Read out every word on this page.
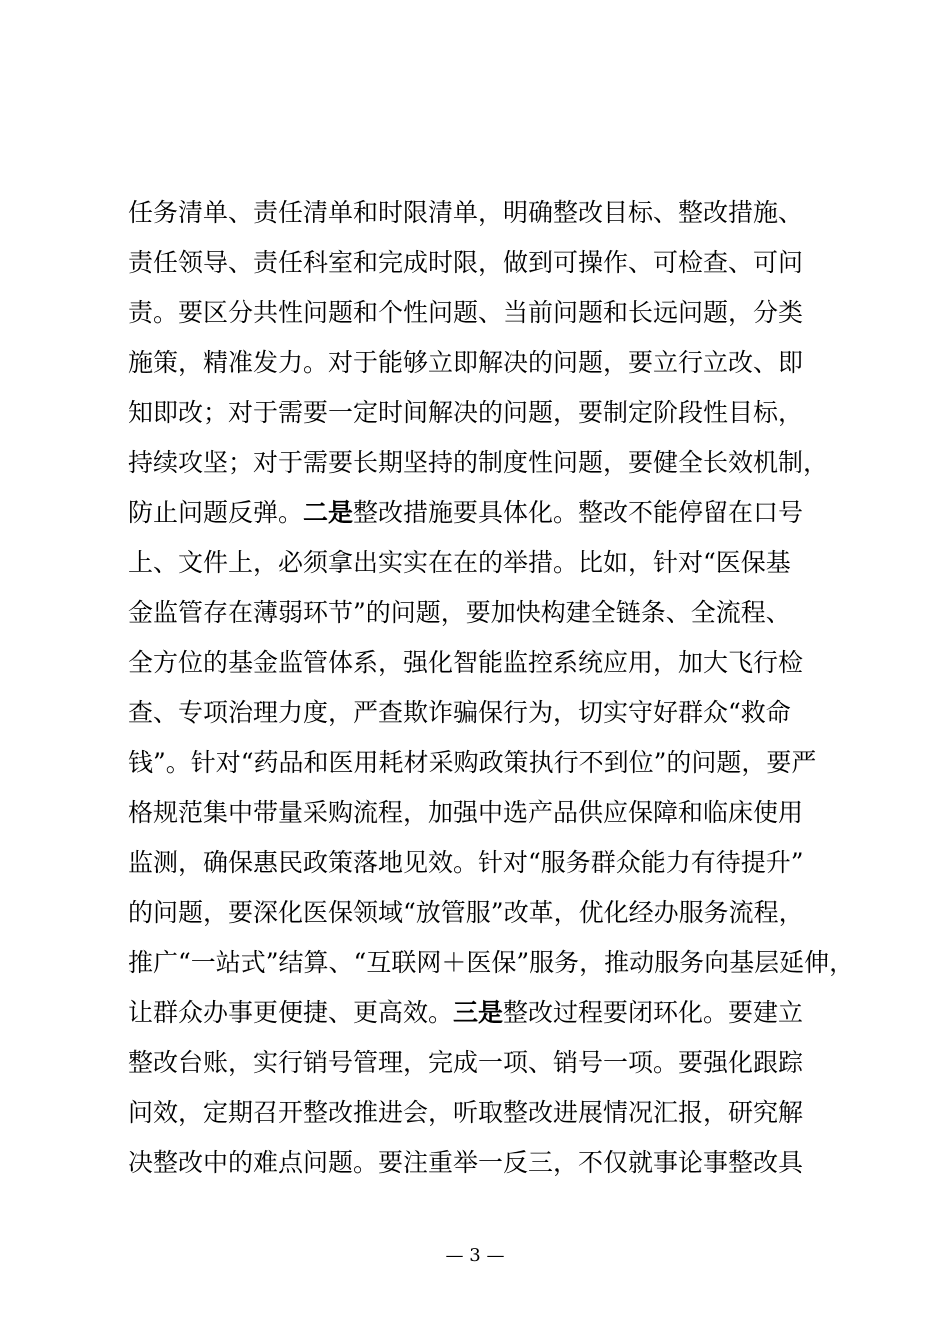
任务清单、责任清单和时限清单，明确整改目标、整改措施、
责任领导、责任科室和完成时限，做到可操作、可检查、可问
责。要区分共性问题和个性问题、当前问题和长远问题，分类
施策，精准发力。对于能够立即解决的问题，要立行立改、即
知即改；对于需要一定时间解决的问题，要制定阶段性目标，
持续攻坚；对于需要长期坚持的制度性问题，要健全长效机制，
防止问题反弹。二是整改措施要具体化。整改不能停留在口号
上、文件上，必须拿出实实在在的举措。比如，针对“医保基
金监管存在薄弱环节”的问题，要加快构建全链条、全流程、
全方位的基金监管体系，强化智能监控系统应用，加大飞行检
查、专项治理力度，严查欺诈骗保行为，切实守好群众“救命
钱”。针对“药品和医用耗材采购政策执行不到位”的问题，要严
格规范集中带量采购流程，加强中选产品供应保障和临床使用
监测，确保惠民政策落地见效。针对“服务群众能力有待提升”
的问题，要深化医保领域“放管服”改革，优化经办服务流程，
推广“一站式”结算、“互联网＋医保”服务，推动服务向基层延伸，
让群众办事更便捷、更高效。三是整改过程要闭环化。要建立
整改台账，实行销号管理，完成一项、销号一项。要强化跟踪
问效，定期召开整改推进会，听取整改进展情况汇报，研究解
决整改中的难点问题。要注重举一反三，不仅就事论事整改具
— 3 —
